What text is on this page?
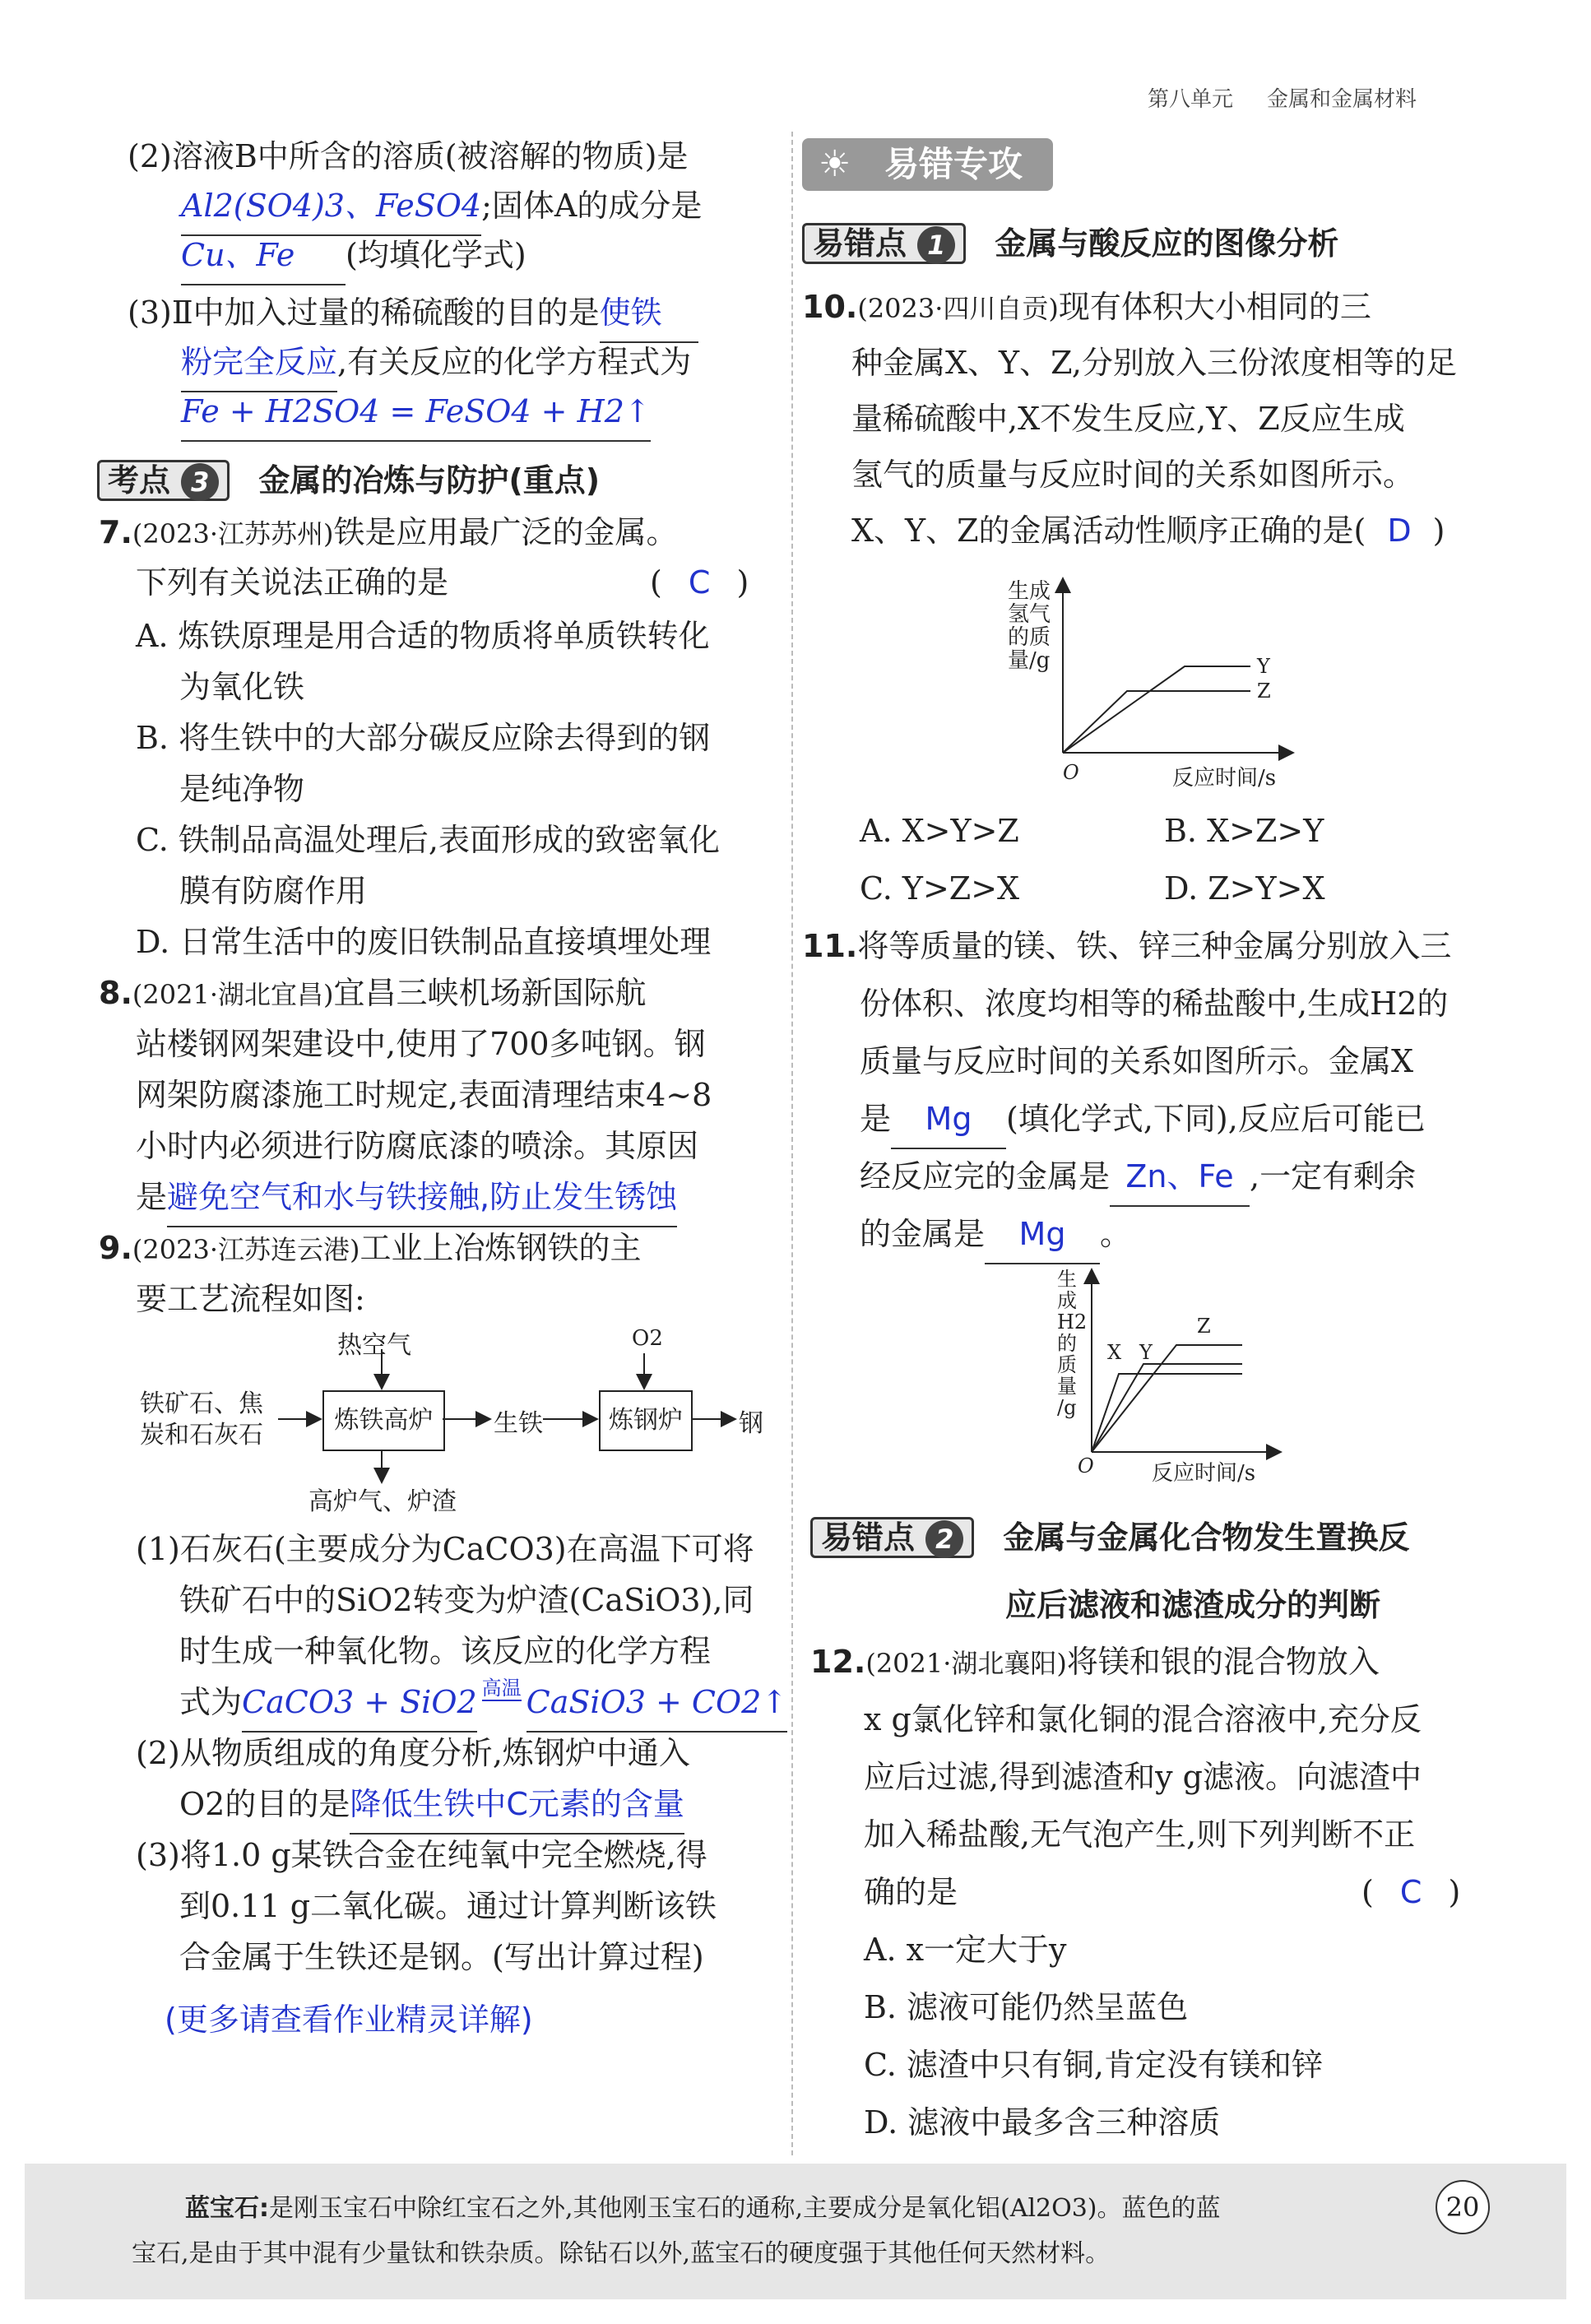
第八单元 金属和金属材料
(2)溶液B中所含的溶质(被溶解的物质)是
Al2(SO4)3、FeSO4;固体A的成分是
Cu、Fe (均填化学式)
(3)Ⅱ中加入过量的稀硫酸的目的是使铁
粉完全反应,有关反应的化学方程式为
Fe + H2SO4 = FeSO4 + H2↑
考点 3 金属的冶炼与防护(重点)
7.(2023·江苏苏州)铁是应用最广泛的金属。
下列有关说法正确的是	( C )
A. 炼铁原理是用合适的物质将单质铁转化
为氧化铁
B. 将生铁中的大部分碳反应除去得到的钢
是纯净物
C. 铁制品高温处理后,表面形成的致密氧化
膜有防腐作用
D. 日常生活中的废旧铁制品直接填埋处理
8.(2021·湖北宜昌)宜昌三峡机场新国际航
站楼钢网架建设中,使用了700多吨钢。钢
网架防腐漆施工时规定,表面清理结束4~8
小时内必须进行防腐底漆的喷涂。其原因
是避免空气和水与铁接触,防止发生锈蚀
9.(2023·江苏连云港)工业上冶炼钢铁的主
要工艺流程如图:
铁矿石、焦炭和石灰石
热空气
炼铁高炉	生铁
O2
炼钢炉	钢
高炉气、炉渣
(1)石灰石(主要成分为CaCO3)在高温下可将
铁矿石中的SiO2转变为炉渣(CaSiO3),同
时生成一种氧化物。该反应的化学方程
式为CaCO3 + SiO2 $^{高温}$ CaSiO3 + CO2↑
(2)从物质组成的角度分析,炼钢炉中通入
O2的目的是降低生铁中C元素的含量
(3)将1.0 g某铁合金在纯氧中完全燃烧,得
到0.11 g二氧化碳。通过计算判断该铁
合金属于生铁还是钢。(写出计算过程)
(更多请查看作业精灵详解)
☀ 易错专攻
易错点 1 金属与酸反应的图像分析
10.(2023·四川自贡)现有体积大小相同的三
种金属X、Y、Z,分别放入三份浓度相等的足
量稀硫酸中,X不发生反应,Y、Z反应生成
氢气的质量与反应时间的关系如图所示。
X、Y、Z的金属活动性顺序正确的是( D )
生成
氢气
的质
量/g	Y
Z
O	反应时间/s
A. X>Y>Z	B. X>Z>Y
C. Y>Z>X	D. Z>Y>X
11.将等质量的镁、铁、锌三种金属分别放入三
份体积、浓度均相等的稀盐酸中,生成H2的
质量与反应时间的关系如图所示。金属X
是 Mg (填化学式,下同),反应后可能已
经反应完的金属是 Zn、Fe ,一定有剩余
的金属是 Mg 。
生
成
H2
的
质
量
/g
X Y
Z
O	反应时间/s
易错点 2 金属与金属化合物发生置换反
应后滤液和滤渣成分的判断
12.(2021·湖北襄阳)将镁和银的混合物放入
x g氯化锌和氯化铜的混合溶液中,充分反
应后过滤,得到滤渣和y g滤液。向滤渣中
加入稀盐酸,无气泡产生,则下列判断不正
确的是	( C )
A. x一定大于y
B. 滤液可能仍然呈蓝色
C. 滤渣中只有铜,肯定没有镁和锌
D. 滤液中最多含三种溶质
蓝宝石:是刚玉宝石中除红宝石之外,其他刚玉宝石的通称,主要成分是氧化铝(Al2O3)。蓝色的蓝
宝石,是由于其中混有少量钛和铁杂质。除钻石以外,蓝宝石的硬度强于其他任何天然材料。
20
